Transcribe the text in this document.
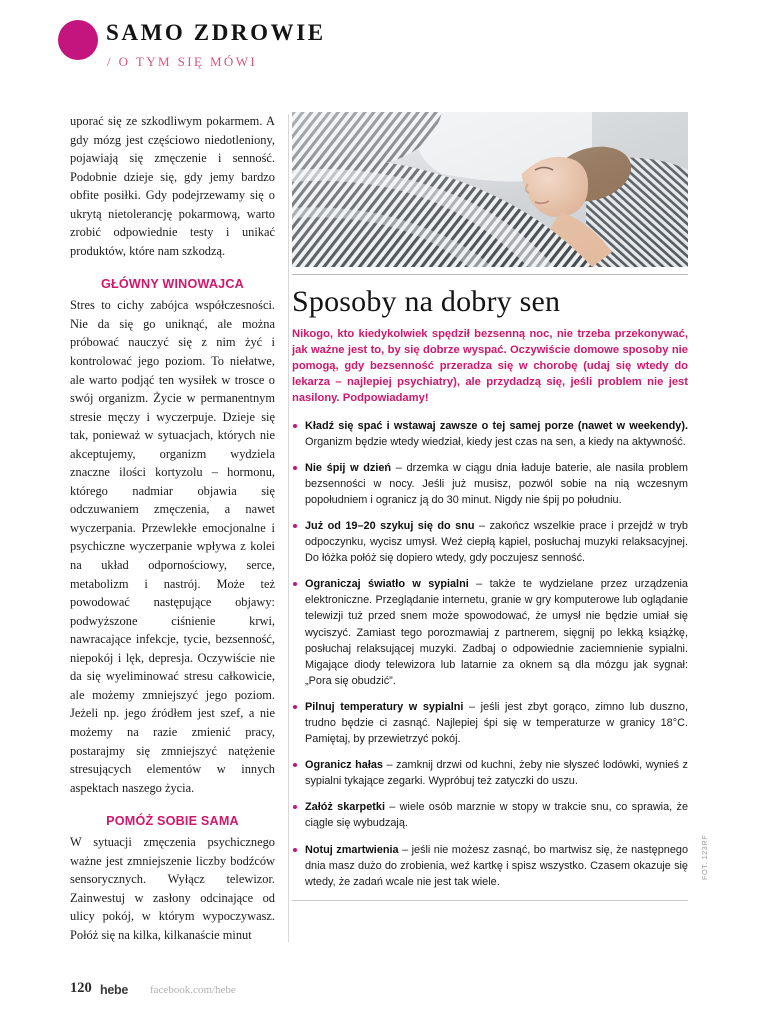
SAMO ZDROWIE
/ O TYM SIĘ MÓWI

uporać się ze szkodliwym pokarmem. A gdy mózg jest częściowo niedotleniony, pojawiają się zmęczenie i senność. Podobnie dzieje się, gdy jemy bardzo obfite posiłki. Gdy podejrzewamy się o ukrytą nietolerancję pokarmową, warto zrobić odpowiednie testy i unikać produktów, które nam szkodzą.

GŁÓWNY WINOWAJCA

Stres to cichy zabójca współczesności. Nie da się go uniknąć, ale można próbować nauczyć się z nim żyć i kontrolować jego poziom. To niełatwe, ale warto podjąć ten wysiłek w trosce o swój organizm. Życie w permanentnym stresie męczy i wyczerpuje. Dzieje się tak, ponieważ w sytuacjach, których nie akceptujemy, organizm wydziela znaczne ilości kortyzolu – hormonu, którego nadmiar objawia się odczuwaniem zmęczenia, a nawet wyczerpania. Przewlekłe emocjonalne i psychiczne wyczerpanie wpływa z kolei na układ odpornościowy, serce, metabolizm i nastrój. Może też powodować następujące objawy: podwyższone ciśnienie krwi, nawracające infekcje, tycie, bezsenność, niepokój i lęk, depresja. Oczywiście nie da się wyeliminować stresu całkowicie, ale możemy zmniejszyć jego poziom. Jeżeli np. jego źródłem jest szef, a nie możemy na razie zmienić pracy, postarajmy się zmniejszyć natężenie stresujących elementów w innych aspektach naszego życia.

POMÓŻ SOBIE SAMA

W sytuacji zmęczenia psychicznego ważne jest zmniejszenie liczby bodźców sensorycznych. Wyłącz telewizor. Zainwestuj w zasłony odcinające od ulicy pokój, w którym wypoczywasz. Połóż się na kilka, kilkanaście minut

Sposoby na dobry sen

Nikogo, kto kiedykolwiek spędził bezsenną noc, nie trzeba przekonywać, jak ważne jest to, by się dobrze wyspać. Oczywiście domowe sposoby nie pomogą, gdy bezsenność przeradza się w chorobę (udaj się wtedy do lekarza – najlepiej psychiatry), ale przydadzą się, jeśli problem nie jest nasilony. Podpowiadamy!

Kładź się spać i wstawaj zawsze o tej samej porze (nawet w weekendy). Organizm będzie wtedy wiedział, kiedy jest czas na sen, a kiedy na aktywność.

Nie śpij w dzień – drzemka w ciągu dnia ładuje baterie, ale nasila problem bezsenności w nocy. Jeśli już musisz, pozwól sobie na nią wczesnym popołudniem i ogranicz ją do 30 minut. Nigdy nie śpij po południu.

Już od 19–20 szykuj się do snu – zakończ wszelkie prace i przejdź w tryb odpoczynku, wycisz umysł. Weź ciepłą kąpiel, posłuchaj muzyki relaksacyjnej. Do łóżka połóż się dopiero wtedy, gdy poczujesz senność.

Ograniczaj światło w sypialni – także te wydzielane przez urządzenia elektroniczne. Przeglądanie internetu, granie w gry komputerowe lub oglądanie telewizji tuż przed snem może spowodować, że umysł nie będzie umiał się wyciszyć. Zamiast tego porozmawiaj z partnerem, sięgnij po lekką książkę, posłuchaj relaksującej muzyki. Zadbaj o odpowiednie zaciemnienie sypialni. Migające diody telewizora lub latarnie za oknem są dla mózgu jak sygnał: „Pora się obudzić”.

Pilnuj temperatury w sypialni – jeśli jest zbyt gorąco, zimno lub duszno, trudno będzie ci zasnąć. Najlepiej śpi się w temperaturze w granicy 18°C. Pamiętaj, by przewietrzyć pokój.

Ogranicz hałas – zamknij drzwi od kuchni, żeby nie słyszeć lodówki, wynieś z sypialni tykające zegarki. Wypróbuj też zatyczki do uszu.

Załóż skarpetki – wiele osób marznie w stopy w trakcie snu, co sprawia, że ciągle się wybudzają.

Notuj zmartwienia – jeśli nie możesz zasnąć, bo martwisz się, że następnego dnia masz dużo do zrobienia, weź kartkę i spisz wszystko. Czasem okazuje się wtedy, że zadań wcale nie jest tak wiele.

FOT. 123RF
120 hebe facebook.com/hebe
